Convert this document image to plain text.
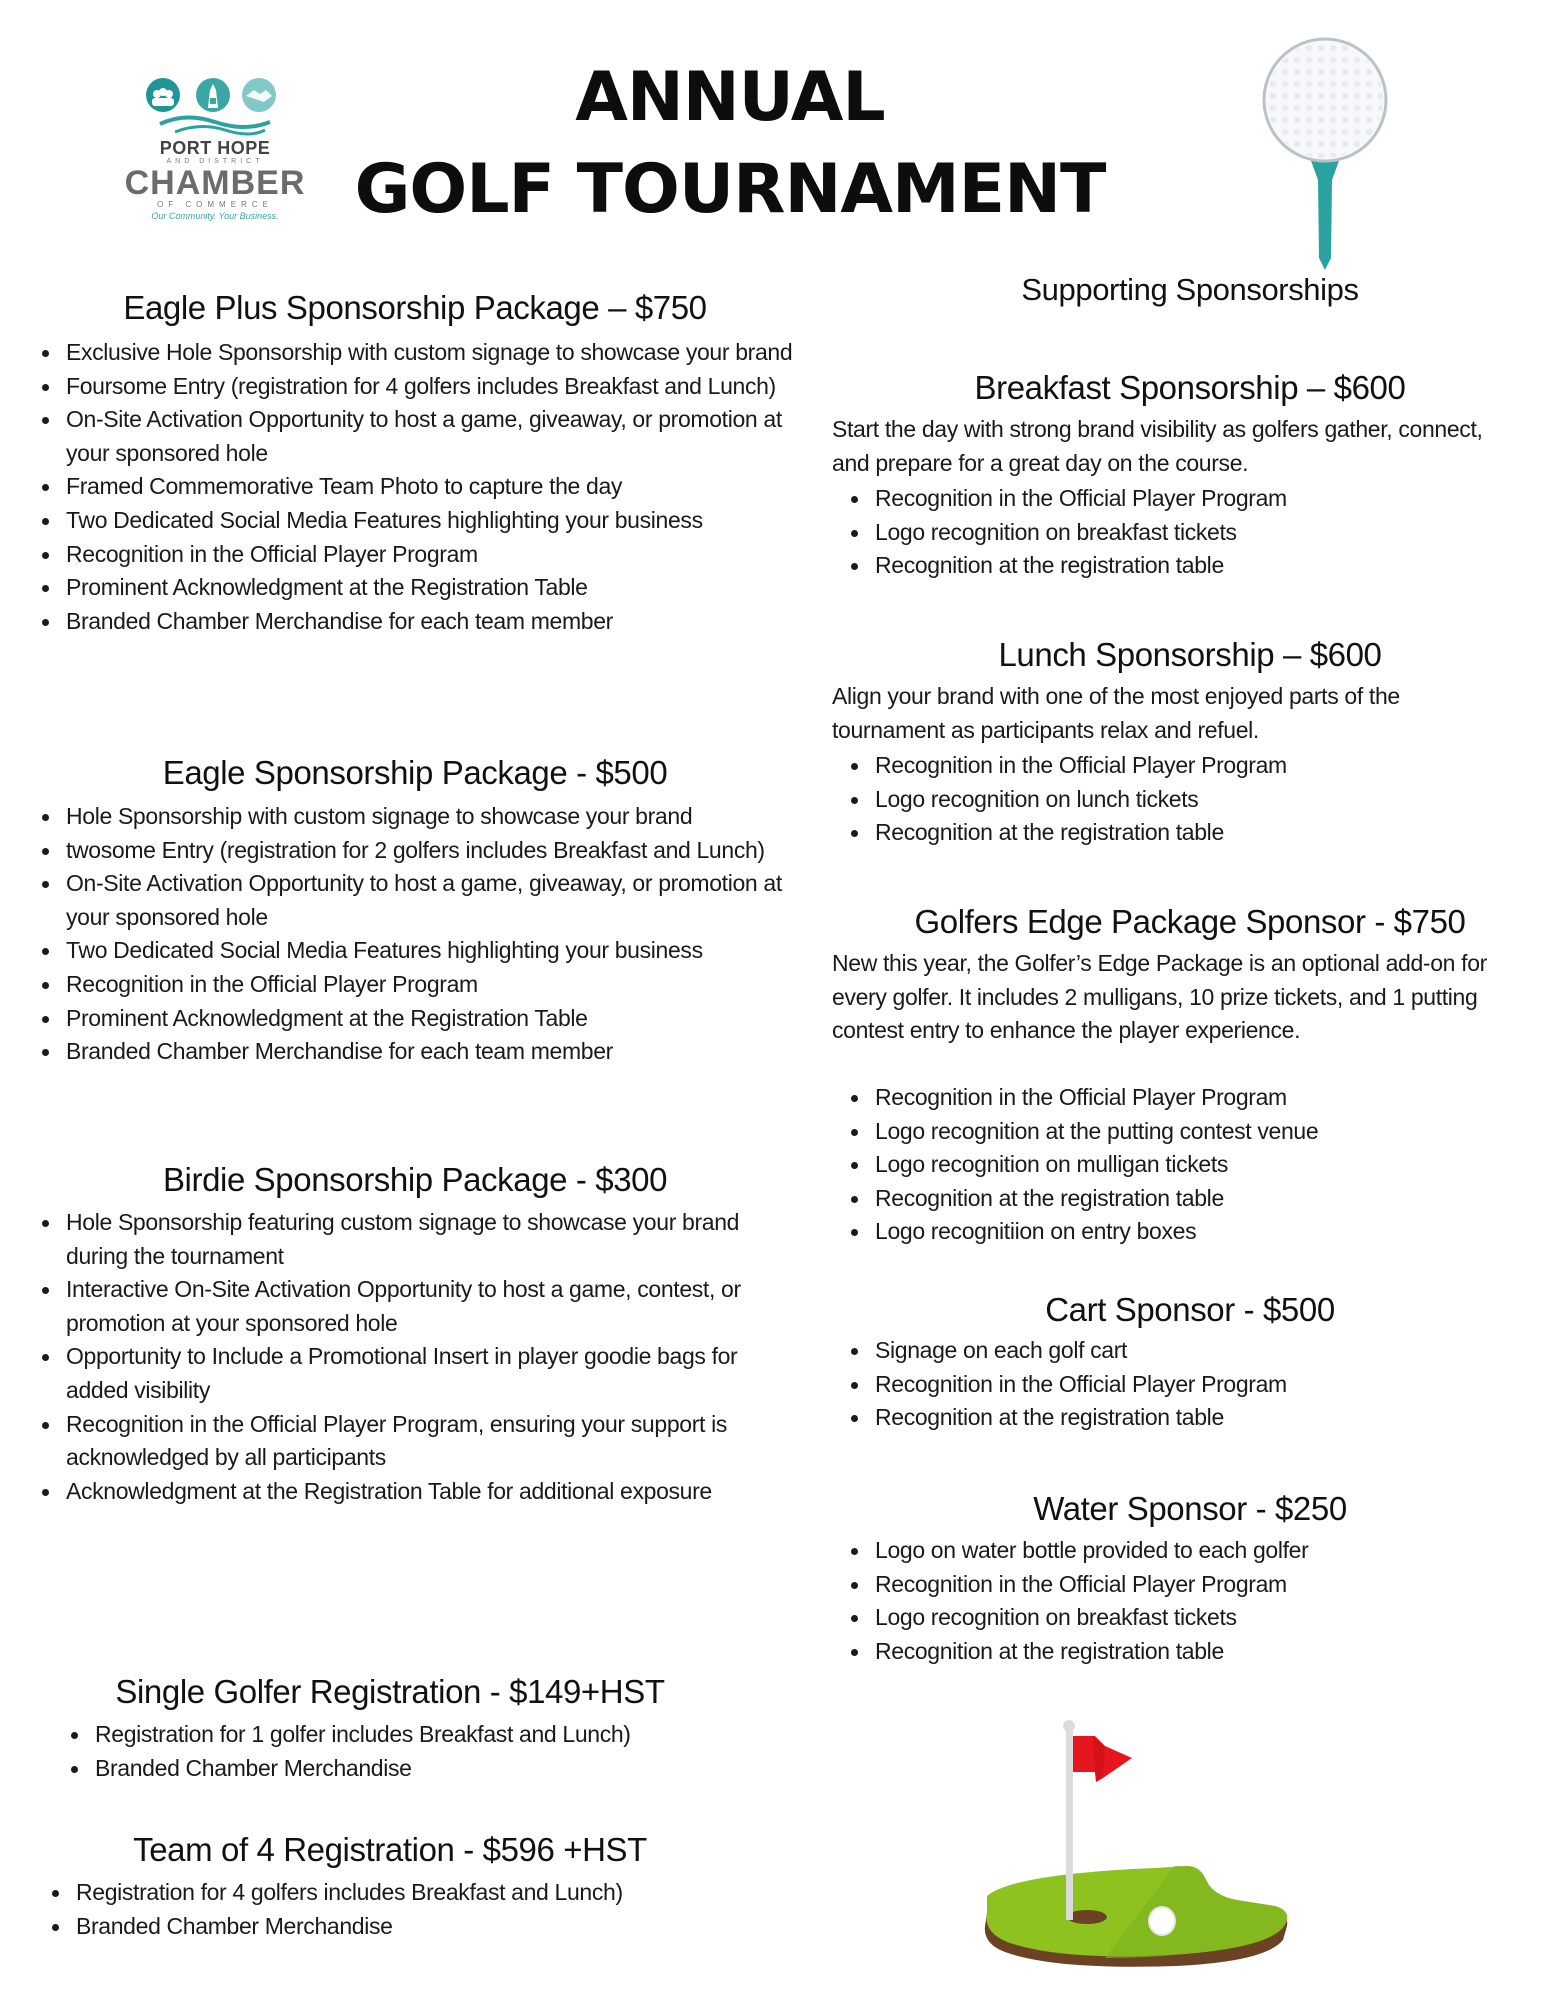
PORT HOPE
AND DISTRICT
CHAMBER
OF COMMERCE
Our Community. Your Business.
ANNUAL
GOLF TOURNAMENT
Eagle Plus Sponsorship Package – $750
Exclusive Hole Sponsorship with custom signage to showcase your brand
Foursome Entry (registration for 4 golfers includes Breakfast and Lunch)
On-Site Activation Opportunity to host a game, giveaway, or promotion at your sponsored hole
Framed Commemorative Team Photo to capture the day
Two Dedicated Social Media Features highlighting your business
Recognition in the Official Player Program
Prominent Acknowledgment at the Registration Table
Branded Chamber Merchandise for each team member
Eagle Sponsorship Package - $500
Hole Sponsorship with custom signage to showcase your brand
twosome Entry (registration for 2 golfers includes Breakfast and Lunch)
On-Site Activation Opportunity to host a game, giveaway, or promotion at your sponsored hole
Two Dedicated Social Media Features highlighting your business
Recognition in the Official Player Program
Prominent Acknowledgment at the Registration Table
Branded Chamber Merchandise for each team member
Birdie Sponsorship Package - $300
Hole Sponsorship featuring custom signage to showcase your brand during the tournament
Interactive On-Site Activation Opportunity to host a game, contest, or promotion at your sponsored hole
Opportunity to Include a Promotional Insert in player goodie bags for added visibility
Recognition in the Official Player Program, ensuring your support is acknowledged by all participants
Acknowledgment at the Registration Table for additional exposure
Single Golfer Registration - $149+HST
Registration for 1 golfer includes Breakfast and Lunch)
Branded Chamber Merchandise
Team of 4 Registration - $596 +HST
Registration for 4 golfers includes Breakfast and Lunch)
Branded Chamber Merchandise
Supporting Sponsorships
Breakfast Sponsorship – $600
Start the day with strong brand visibility as golfers gather, connect, and prepare for a great day on the course.
Recognition in the Official Player Program
Logo recognition on breakfast tickets
Recognition at the registration table
Lunch Sponsorship – $600
Align your brand with one of the most enjoyed parts of the tournament as participants relax and refuel.
Recognition in the Official Player Program
Logo recognition on lunch tickets
Recognition at the registration table
Golfers Edge Package Sponsor - $750
New this year, the Golfer’s Edge Package is an optional add-on for every golfer. It includes 2 mulligans, 10 prize tickets, and 1 putting contest entry to enhance the player experience.
Recognition in the Official Player Program
Logo recognition at the putting contest venue
Logo recognition on mulligan tickets
Recognition at the registration table
Logo recognitiion on entry boxes
Cart Sponsor - $500
Signage on each golf cart
Recognition in the Official Player Program
Recognition at the registration table
Water Sponsor - $250
Logo on water bottle provided to each golfer
Recognition in the Official Player Program
Logo recognition on breakfast tickets
Recognition at the registration table
